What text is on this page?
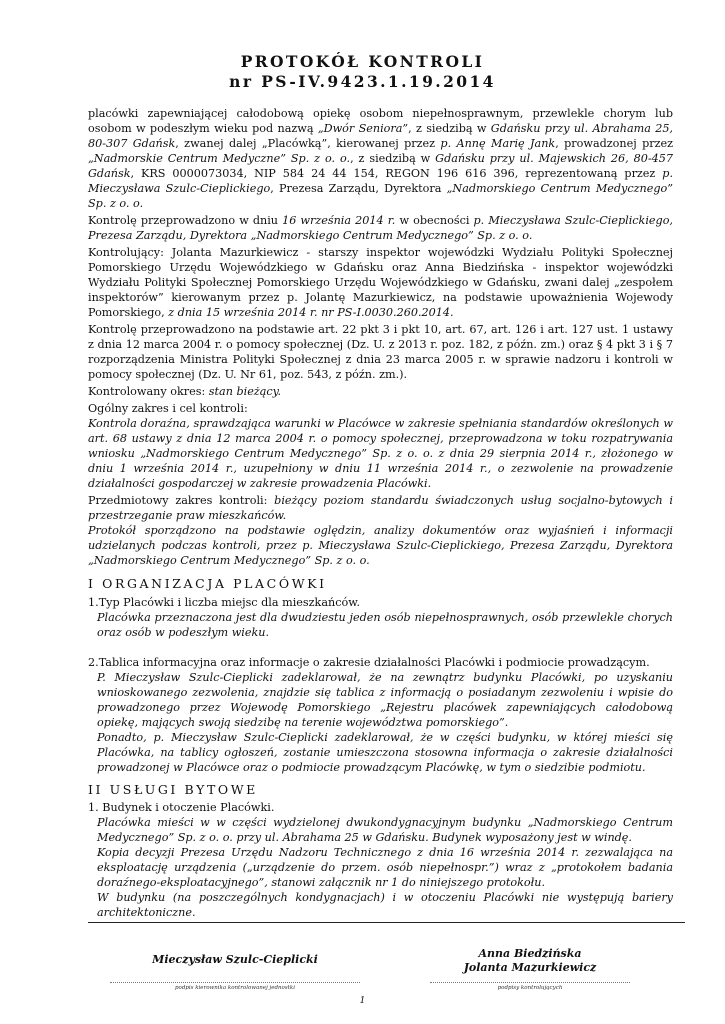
PROTOKÓŁ KONTROLI
nr PS-IV.9423.1.19.2014

placówki zapewniającej całodobową opiekę osobom niepełnosprawnym, przewlekle chorym lub osobom w podeszłym wieku pod nazwą „Dwór Seniora”, z siedzibą w Gdańsku przy ul. Abrahama 25, 80-307 Gdańsk, zwanej dalej „Placówką”, kierowanej przez p. Annę Marię Jank, prowadzonej przez „Nadmorskie Centrum Medyczne” Sp. z o. o., z siedzibą w Gdańsku przy ul. Majewskich 26, 80-457 Gdańsk, KRS 0000073034, NIP 584 24 44 154, REGON 196 616 396, reprezentowaną przez p. Mieczysława Szulc-Cieplickiego, Prezesa Zarządu, Dyrektora „Nadmorskiego Centrum Medycznego” Sp. z o. o.

Kontrolę przeprowadzono w dniu 16 września 2014 r. w obecności p. Mieczysława Szulc-Cieplickiego, Prezesa Zarządu, Dyrektora „Nadmorskiego Centrum Medycznego” Sp. z o. o.

Kontrolujący: Jolanta Mazurkiewicz - starszy inspektor wojewódzki Wydziału Polityki Społecznej Pomorskiego Urzędu Wojewódzkiego w Gdańsku oraz Anna Biedzińska - inspektor wojewódzki Wydziału Polityki Społecznej Pomorskiego Urzędu Wojewódzkiego w Gdańsku, zwani dalej „zespołem inspektorów” kierowanym przez p. Jolantę Mazurkiewicz, na podstawie upoważnienia Wojewody Pomorskiego, z dnia 15 września 2014 r. nr PS-I.0030.260.2014.

Kontrolę przeprowadzono na podstawie art. 22 pkt 3 i pkt 10, art. 67, art. 126 i art. 127 ust. 1 ustawy z dnia 12 marca 2004 r. o pomocy społecznej (Dz. U. z 2013 r. poz. 182, z późn. zm.) oraz § 4 pkt 3 i § 7 rozporządzenia Ministra Polityki Społecznej z dnia 23 marca 2005 r. w sprawie nadzoru i kontroli w pomocy społecznej (Dz. U. Nr 61, poz. 543, z późn. zm.).

Kontrolowany okres: stan bieżący.

Ogólny zakres i cel kontroli:

Kontrola doraźna, sprawdzająca warunki w Placówce w zakresie spełniania standardów określonych w art. 68 ustawy z dnia 12 marca 2004 r. o pomocy społecznej, przeprowadzona w toku rozpatrywania wniosku „Nadmorskiego Centrum Medycznego” Sp. z o. o. z dnia 29 sierpnia 2014 r., złożonego w dniu 1 września 2014 r., uzupełniony w dniu 11 września 2014 r., o zezwolenie na prowadzenie działalności gospodarczej w zakresie prowadzenia Placówki.

Przedmiotowy zakres kontroli: bieżący poziom standardu świadczonych usług socjalno-bytowych i przestrzeganie praw mieszkańców.

Protokół sporządzono na podstawie oględzin, analizy dokumentów oraz wyjaśnień i informacji udzielanych podczas kontroli, przez p. Mieczysława Szulc-Cieplickiego, Prezesa Zarządu, Dyrektora „Nadmorskiego Centrum Medycznego” Sp. z o. o.

I ORGANIZACJA PLACÓWKI
1.Typ Placówki i liczba miejsc dla mieszkańców.

Placówka przeznaczona jest dla dwudziestu jeden osób niepełnosprawnych, osób przewlekle chorych oraz osób w podeszłym wieku.

2.Tablica informacyjna oraz informacje o zakresie działalności Placówki i podmiocie prowadzącym.

P. Mieczysław Szulc-Cieplicki zadeklarował, że na zewnątrz budynku Placówki, po uzyskaniu wnioskowanego zezwolenia, znajdzie się tablica z informacją o posiadanym zezwoleniu i wpisie do prowadzonego przez Wojewodę Pomorskiego „Rejestru placówek zapewniających całodobową opiekę, mających swoją siedzibę na terenie województwa pomorskiego”.

Ponadto, p. Mieczysław Szulc-Cieplicki zadeklarował, że w części budynku, w której mieści się Placówka, na tablicy ogłoszeń, zostanie umieszczona stosowna informacja o zakresie działalności prowadzonej w Placówce oraz o podmiocie prowadzącym Placówkę, w tym o siedzibie podmiotu.

II USŁUGI BYTOWE
1. Budynek i otoczenie Placówki.

Placówka mieści w w części wydzielonej dwukondygnacyjnym budynku „Nadmorskiego Centrum Medycznego” Sp. z o. o. przy ul. Abrahama 25 w Gdańsku. Budynek wyposażony jest w windę.

Kopia decyzji Prezesa Urzędu Nadzoru Technicznego z dnia 16 września 2014 r. zezwalająca na eksploatację urządzenia („urządzenie do przem. osób niepełnospr.”) wraz z „protokołem badania doraźnego-eksploatacyjnego”, stanowi załącznik nr 1 do niniejszego protokołu.

W budynku (na poszczególnych kondygnacjach) i w otoczeniu Placówki nie występują bariery architektoniczne.

Mieczysław Szulc-Cieplicki
podpis kierownika kontrolowanej jednostki
Anna Biedzińska
Jolanta Mazurkiewicz
podpisy kontrolujących
1
